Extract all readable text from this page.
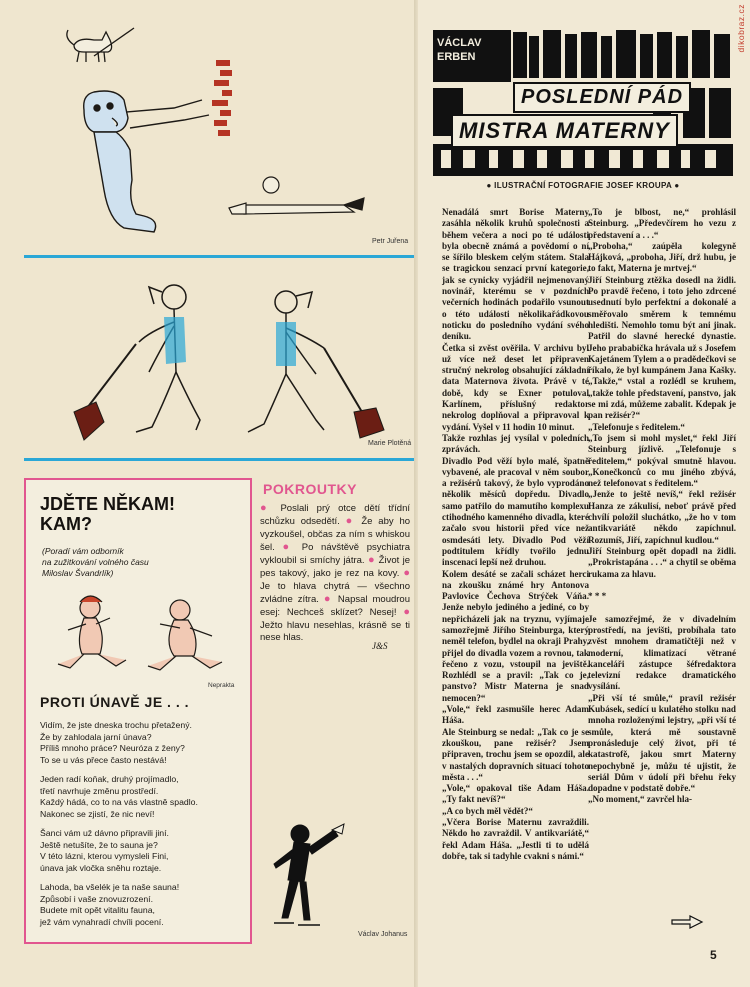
Petr Juřena
Marie Plotěná
JDĚTE NĚKAM!
KAM?
(Poradí vám odborník
na zužitkování volného času
Miloslav Švandrlík)
Neprakta
PROTI ÚNAVĚ JE . . .
Vidím, že jste dneska trochu přetažený.
Že by zahlodala jarní únava?
Příliš mnoho práce? Neuróza z ženy?
To se u vás přece často nestává!
Jeden radí koňak, druhý projímadlo,
třetí navrhuje změnu prostředí.
Každý hádá, co to na vás vlastně spadlo.
Nakonec se zjistí, že nic neví!
Šanci vám už dávno připravili jiní.
Ještě netušíte, že to sauna je?
V této lázni, kterou vymysleli Fini,
únava jak vločka sněhu roztaje.
Lahoda, ba všelék je ta naše sauna!
Způsobí i vaše znovuzrození.
Budete mít opět vitalitu fauna,
jež vám vynahradí chvíli pocení.
POKROUTKY
● Poslali prý otce dětí třídní schůzku odsedětí. ● Že aby ho vyzkoušel, občas za ním s whiskou šel. ● Po návštěvě psychiatra vykloubil si smíchy játra. ● Život je pes takový, jako je rez na kovy. ● Je to hlava chytrá — všechno zvládne zítra. ● Napsal moudrou esej: Nechceš sklízet? Nesej! ● Ježto hlavu nesehlas, krásně se ti nese hlas.
J&S
Václav Johanus
dikobraz.cz
VÁCLAV
ERBEN
POSLEDNÍ PÁD
MISTRA MATERNY
● ILUSTRAČNÍ FOTOGRAFIE JOSEF KROUPA ●
Nenadálá smrt Borise Materny zasáhla několik kruhů společnosti a během večera a noci po té události byla obecně známá a povědomí o ní se šířilo bleskem celým státem. Stala se tragickou senzací první kategorie, jak se cynicky vyjádřil nejmenovaný novinář, kterému se v pozdních večerních hodinách podařilo vsunout o této události několikařádkovou noticku do posledního vydání svého deníku.
Četka si zvěst ověřila. V archivu byl už více než deset let připraven stručný nekrolog obsahující základní data Maternova života. Právě v té době, kdy se Exner potuloval Karlínem, příslušný redaktor nekrolog doplňoval a připravoval k vydání. Vyšel v 11 hodin 10 minut.
Takže rozhlas jej vysílal v poledních zprávách.
Divadlo Pod věží bylo malé, špatně vybavené, ale pracoval v něm soubor a režisérů takový, že bylo vyprodáno několik měsíců dopředu. Divadlo samo patřilo do mamutího komplexu ctihodného kamenného divadla, které začalo svou historii před více než osmdesáti lety. Divadlo Pod věží podtitulem křídly tvořilo jednu inscenaci lepší než druhou.
Kolem desáté se začali scházet herci na zkoušku známé hry Antonova Pavlovice Čechova Strýček Váňa. Jenže nebylo jediného a jediné, co by nepřicházeli jak na tryznu, vyjímaje samozřejmě Jiřího Steinburga, který neměl telefon, bydlel na okraji Prahy, přijel do divadla vozem a rovnou, tak řečeno z vozu, vstoupil na jeviště. Rozhlédl se a pravil: „Tak co je, panstvo? Mistr Materna je snad nemocen?“
„Vole,“ řekl zasmušile herec Adam Háša.
Ale Steinburg se nedal: „Tak co je se zkouškou, pane režisér? Jsem připraven, trochu jsem se opozdil, ale v nastalých dopravních situací tohoto města . . .“
„Vole,“ opakoval tiše Adam Háša. „Ty fakt nevíš?“
„A co bych měl vědět?“
„Včera Borise Maternu zavraždili. Někdo ho zavraždil. V antikvariátě,“ řekl Adam Háša. „Jestli ti to udělá dobře, tak si tadyhle cvakni s námi.“
„To je blbost, ne,“ prohlásil Steinburg. „Předevčírem ho vezu z představení a . . .“
„Proboha,“ zaúpěla kolegyně Hájková, „proboha, Jiří, drž hubu, je to fakt, Materna je mrtvej.“
Jiří Steinburg ztěžka dosedl na židli. Po pravdě řečeno, i toto jeho zdrcené usednutí bylo perfektní a dokonalé a směřovalo směrem k temnému hledišti. Nemohlo tomu být ani jinak. Patřil do slavné herecké dynastie. Jeho prababička hrávala už s Josefem Kajetánem Tylem a o pradědečkovi se říkalo, že byl kumpánem Jana Kašky. „Takže,“ vstal a rozlédl se kruhem, „takže tohle představení, panstvo, jak se mi zdá, můžeme zabalit. Kdepak je pan režisér?“
„Telefonuje s ředitelem.“
„To jsem si mohl myslet,“ řekl Jiří Steinburg jízlivě. „Telefonuje s ředitelem,“ pokýval smutně hlavou. „Konečkonců co mu jiného zbývá, než telefonovat s ředitelem.“
„Jenže to ještě nevíš,“ řekl režisér Hanza ze zákulisí, neboť právě před chvílí položil sluchátko, „že ho v tom antikvariátě někdo zapíchnul. Rozumíš, Jiří, zapíchnul kudlou.“
Jiří Steinburg opět dopadl na židli. „Prokristapána . . .“ a chytil se oběma rukama za hlavu.

* * *

Je samozřejmé, že v divadelním prostředí, na jevišti, probíhala tato zvěst mnohem dramatičtěji než v moderní, klimatizací větrané kanceláři zástupce šéfredaktora televizní redakce dramatického vysílání.
„Při vší té smůle,“ pravil režisér Kubásek, sedící u kulatého stolku nad mnoha rozloženými lejstry, „při vší té smůle, která mě soustavně pronásleduje celý život, při té katastrofě, jakou smrt Materny nepochybně je, můžu té ujistit, že seriál Dům v údolí při břehu řeky dopadne v podstatě dobře.“
„No moment,“ zavrčel hla-
5
